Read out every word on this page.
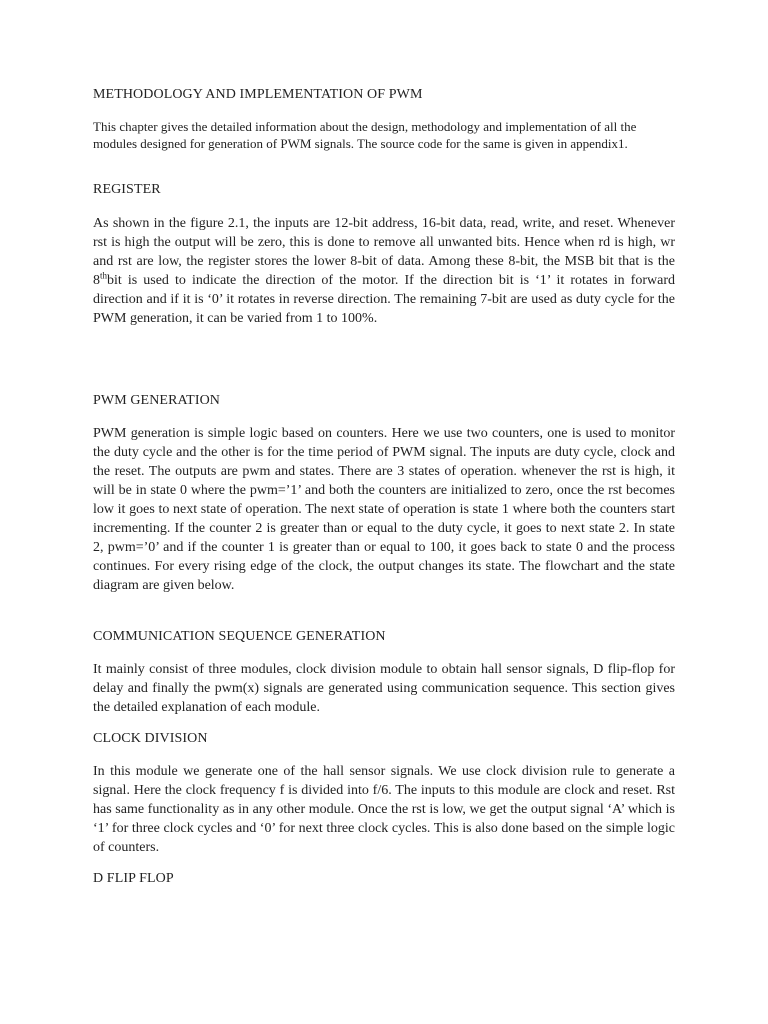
METHODOLOGY AND IMPLEMENTATION OF PWM

This chapter gives the detailed information about the design, methodology and implementation of all the modules designed for generation of PWM signals. The source code for the same is given in appendix1.

REGISTER

As shown in the figure 2.1, the inputs are 12-bit address, 16-bit data, read, write, and reset. Whenever rst is high the output will be zero, this is done to remove all unwanted bits. Hence when rd is high, wr and rst are low, the register stores the lower 8-bit of data. Among these 8-bit, the MSB bit that is the 8thbit is used to indicate the direction of the motor. If the direction bit is ‘1’ it rotates in forward direction and if it is ‘0’ it rotates in reverse direction. The remaining 7-bit are used as duty cycle for the PWM generation, it can be varied from 1 to 100%.

PWM GENERATION

PWM generation is simple logic based on counters. Here we use two counters, one is used to monitor the duty cycle and the other is for the time period of PWM signal. The inputs are duty cycle, clock and the reset. The outputs are pwm and states. There are 3 states of operation. whenever the rst is high, it will be in state 0 where the pwm=’1’ and both the counters are initialized to zero, once the rst becomes low it goes to next state of operation. The next state of operation is state 1 where both the counters start incrementing. If the counter 2 is greater than or equal to the duty cycle, it goes to next state 2. In state 2, pwm=’0’ and if the counter 1 is greater than or equal to 100, it goes back to state 0 and the process continues. For every rising edge of the clock, the output changes its state. The flowchart and the state diagram are given below.

COMMUNICATION SEQUENCE GENERATION

It mainly consist of three modules, clock division module to obtain hall sensor signals, D flip-flop for delay and finally the pwm(x) signals are generated using communication sequence. This section gives the detailed explanation of each module.

CLOCK DIVISION

In this module we generate one of the hall sensor signals. We use clock division rule to generate a signal. Here the clock frequency f is divided into f/6. The inputs to this module are clock and reset. Rst has same functionality as in any other module. Once the rst is low, we get the output signal ‘A’ which is ‘1’ for three clock cycles and ‘0’ for next three clock cycles. This is also done based on the simple logic of counters.

D FLIP FLOP
